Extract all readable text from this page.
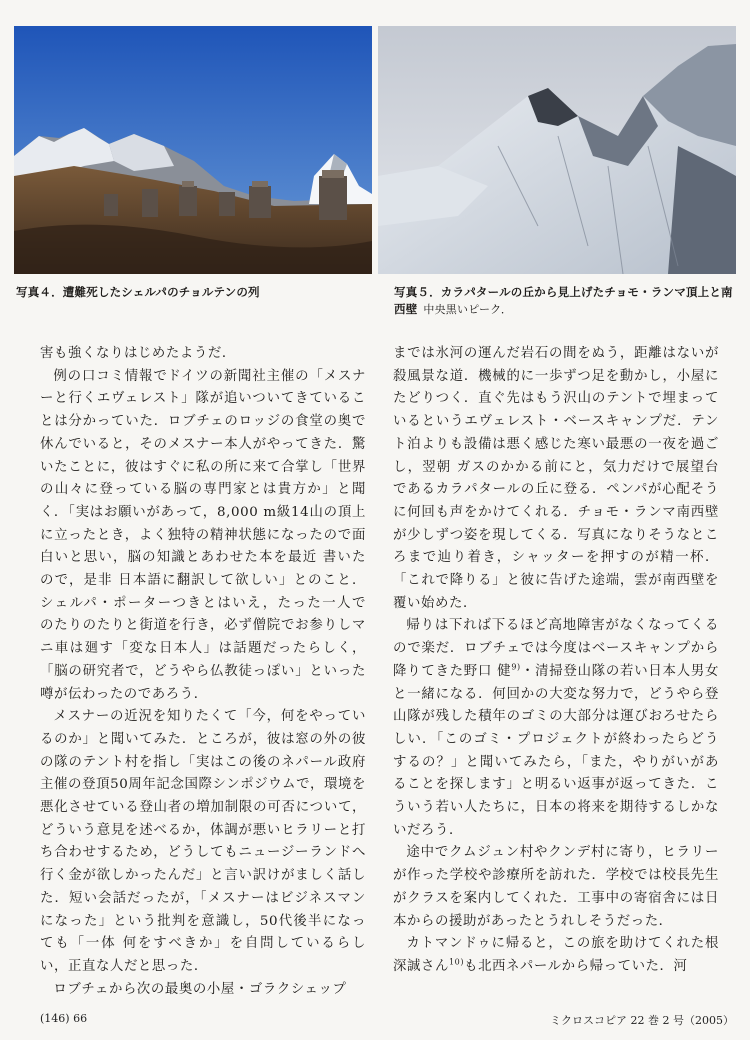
写真４．遭難死したシェルパのチョルテンの列	写真５．カラパタールの丘から見上げたチョモ・ランマ頂上と南西壁 中央黒いピーク．

害も強くなりはじめたようだ．

例の口コミ情報でドイツの新聞社主催の「メスナーと行くエヴェレスト」隊が追いついてきていることは分かっていた．ロブチェのロッジの食堂の奥で休んでいると，そのメスナー本人がやってきた．驚いたことに，彼はすぐに私の所に来て合掌し「世界の山々に登っている脳の専門家とは貴方か」と聞く．「実はお願いがあって，8,000 m級14山の頂上に立ったとき，よく独特の精神状態になったので面白いと思い，脳の知識とあわせた本を最近 書いたので，是非 日本語に翻訳して欲しい」とのこと．シェルパ・ポーターつきとはいえ，たった一人で のたりのたりと街道を行き，必ず僧院でお参りしマニ車は廻す「変な日本人」は話題だったらしく，「脳の研究者で，どうやら仏教徒っぽい」といった噂が伝わったのであろう．

メスナーの近況を知りたくて「今，何をやっているのか」と聞いてみた．ところが，彼は窓の外の彼の隊のテント村を指し「実はこの後のネパール政府主催の登頂50周年記念国際シンポジウムで，環境を悪化させている登山者の増加制限の可否について，どういう意見を述べるか，体調が悪いヒラリーと打ち合わせするため，どうしてもニュージーランドへ行く金が欲しかったんだ」と言い訳けがましく話した．短い会話だったが，「メスナーはビジネスマンになった」という批判を意識し，50代後半になっても「一体 何をすべきか」を自問しているらしい，正直な人だと思った．

ロブチェから次の最奥の小屋・ゴラクシェップ

までは氷河の運んだ岩石の間をぬう，距離はないが殺風景な道．機械的に一歩ずつ足を動かし，小屋にたどりつく．直ぐ先はもう沢山のテントで埋まっているというエヴェレスト・ベースキャンプだ．テント泊よりも設備は悪く感じた寒い最悪の一夜を過ごし，翌朝 ガスのかかる前にと，気力だけで展望台であるカラパタールの丘に登る．ペンパが心配そうに何回も声をかけてくれる．チョモ・ランマ南西壁が少しずつ姿を現してくる．写真になりそうなところまで辿り着き，シャッターを押すのが精一杯．「これで降りる」と彼に告げた途端，雲が南西壁を覆い始めた．

帰りは下れば下るほど高地障害がなくなってくるので楽だ．ロブチェでは今度はベースキャンプから降りてきた野口 健$^{9)}$・清掃登山隊の若い日本人男女と一緒になる．何回かの大変な努力で，どうやら登山隊が残した積年のゴミの大部分は運びおろせたらしい．「このゴミ・プロジェクトが終わったらどうするの？」と聞いてみたら，「また，やりがいがあることを探します」と明るい返事が返ってきた．こういう若い人たちに，日本の将来を期待するしかないだろう．

途中でクムジュン村やクンデ村に寄り，ヒラリーが作った学校や診療所を訪れた．学校では校長先生がクラスを案内してくれた．工事中の寄宿舎には日本からの援助があったとうれしそうだった．

カトマンドゥに帰ると，この旅を助けてくれた根深誠さん$^{10)}$も北西ネパールから帰っていた．河

(146) 66	ミクロスコピア 22 巻 2 号（2005）
